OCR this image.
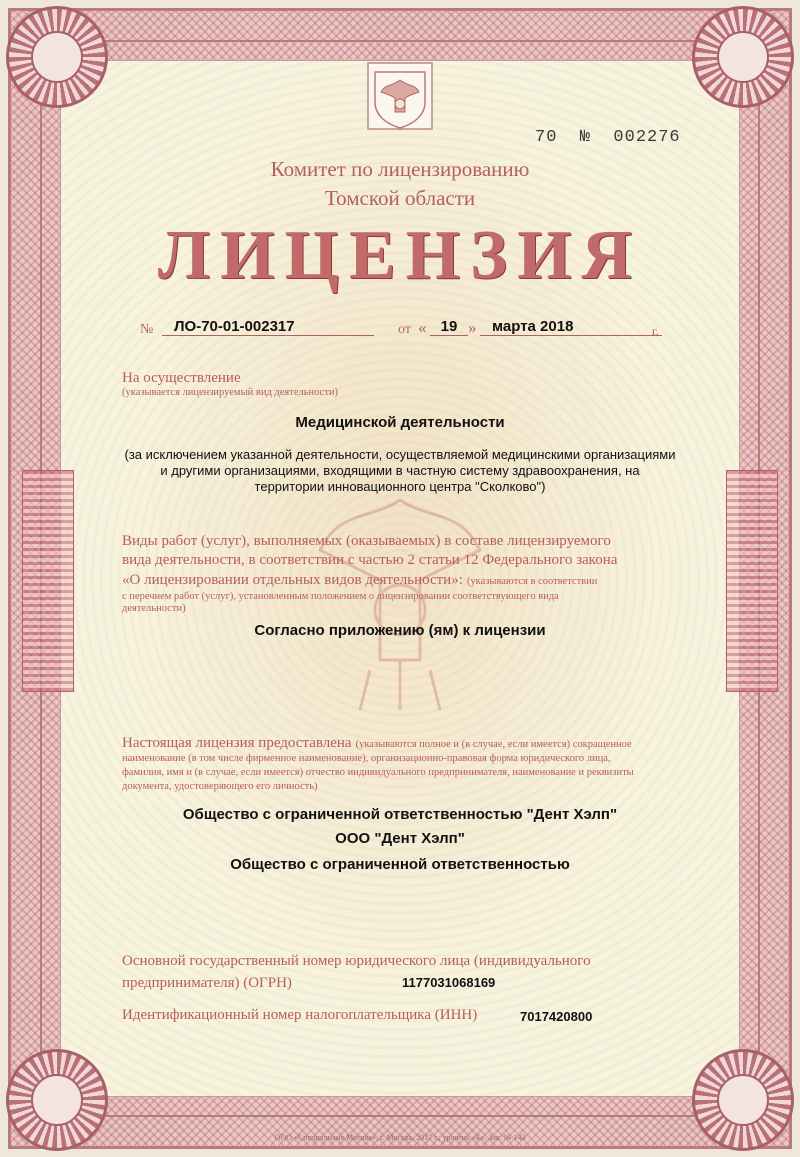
70 № 002276
Комитет по лицензированию
Томской области
ЛИЦЕНЗИЯ
№	ЛО-70-01-002317	от « 19 »	марта 2018	г.
На осуществление
(указывается лицензируемый вид деятельности)
Медицинской деятельности
(за исключением указанной деятельности, осуществляемой медицинскими организациями
и другими организациями, входящими в частную систему здравоохранения, на
территории инновационного центра "Сколково")
Виды работ (услуг), выполняемых (оказываемых) в составе лицензируемого
вида деятельности, в соответствии с частью 2 статьи 12 Федерального закона
«О лицензировании отдельных видов деятельности»: (указываются в соответствии
с перечнем работ (услуг), установленным положением о лицензировании соответствующего вида
деятельности)
Согласно приложению (ям) к лицензии
Настоящая лицензия предоставлена (указываются полное и (в случае, если имеется) сокращенное
наименование (в том числе фирменное наименование), организационно-правовая форма юридического лица,
фамилия, имя и (в случае, если имеется) отчество индивидуального предпринимателя, наименование и реквизиты
документа, удостоверяющего его личность)
Общество с ограниченной ответственностью "Дент Хэлп"
ООО "Дент Хэлп"
Общество с ограниченной ответственностью
Основной государственный номер юридического лица (индивидуального
предпринимателя) (ОГРН)	1177031068169
Идентификационный номер налогоплательщика (ИНН)	7017420800
ООО «Специальные Москва», г. Москва, 2017 г., уровень «Б». Зак. № 143
